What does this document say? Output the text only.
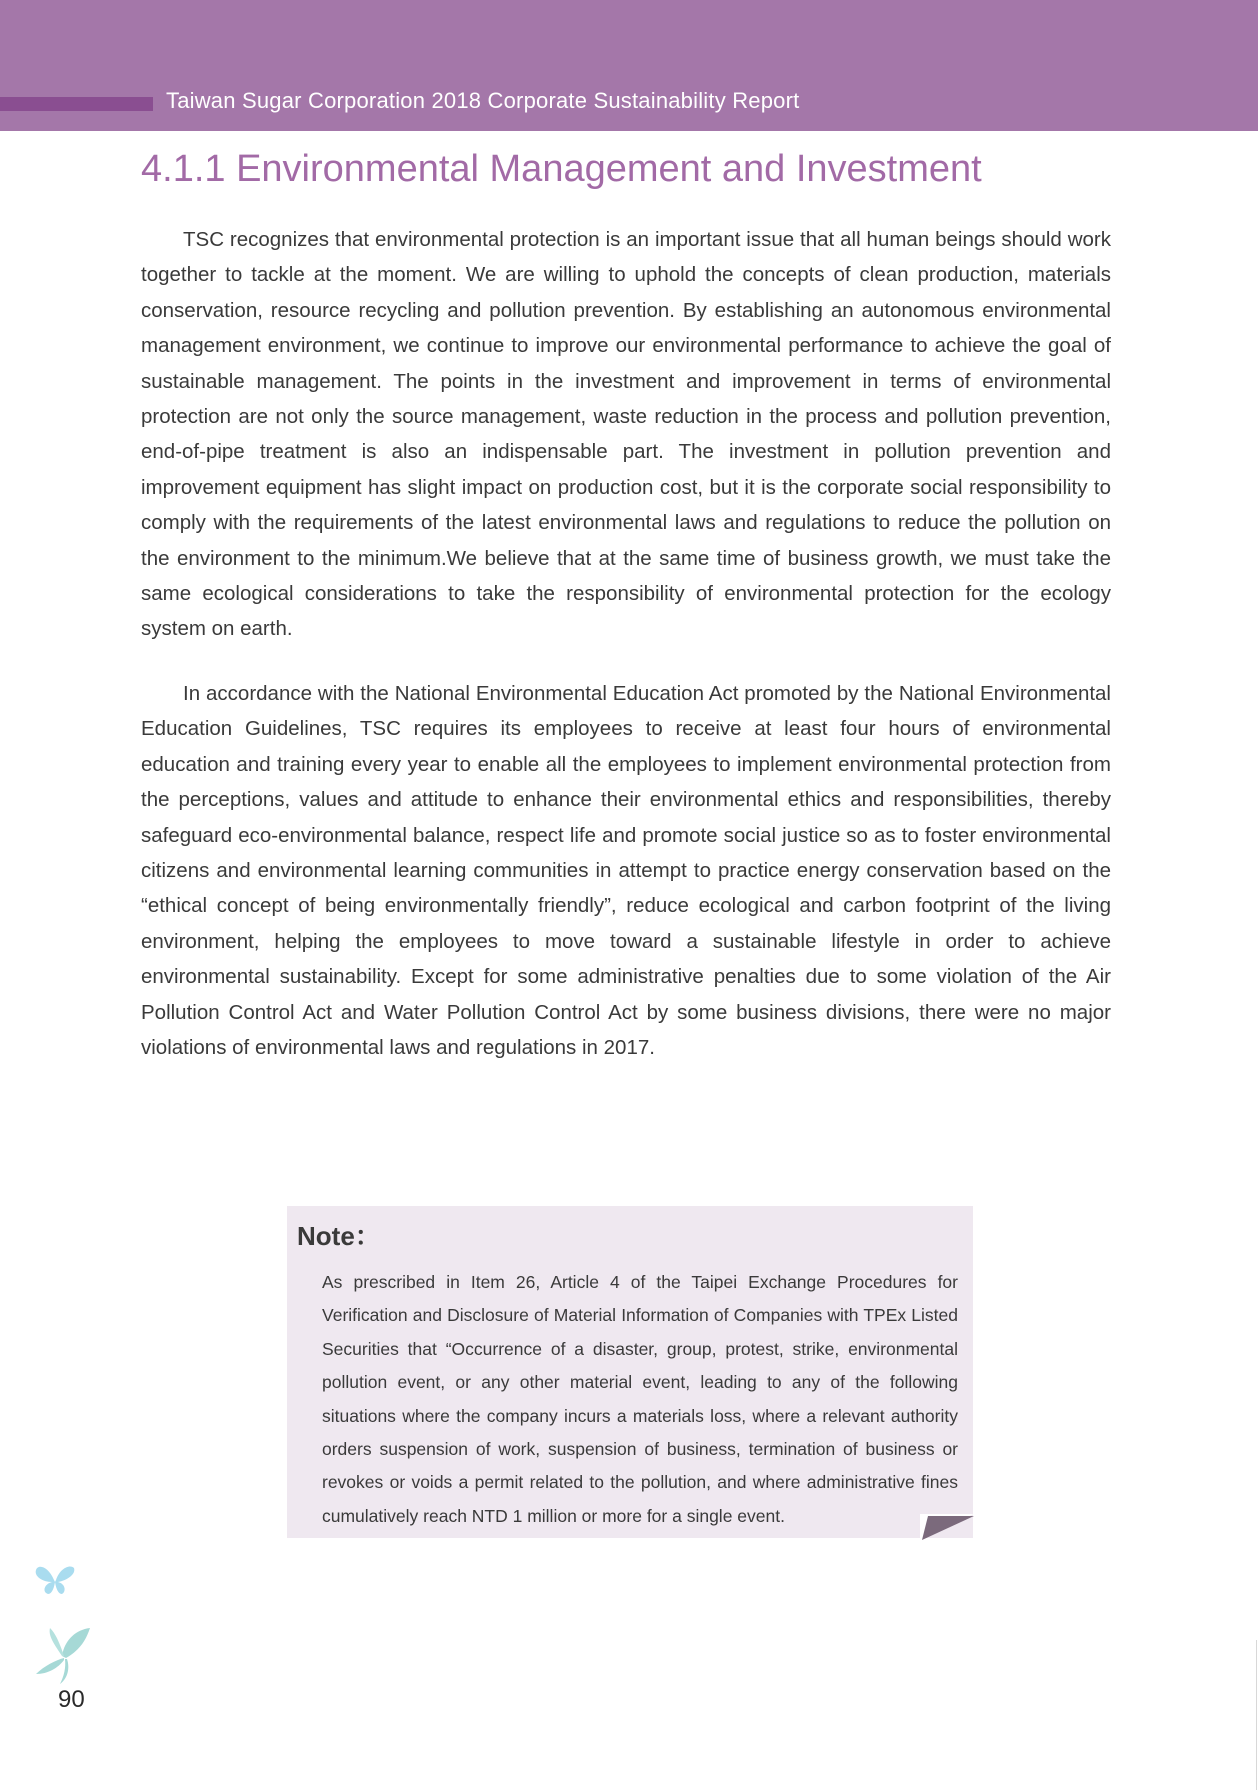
Taiwan Sugar Corporation 2018 Corporate Sustainability Report
4.1.1 Environmental Management and Investment

TSC recognizes that environmental protection is an important issue that all human beings should work together to tackle at the moment. We are willing to uphold the concepts of clean production, materials conservation, resource recycling and pollution prevention. By establishing an autonomous environmental management environment, we continue to improve our environmental performance to achieve the goal of sustainable management. The points in the investment and improvement in terms of environmental protection are not only the source management, waste reduction in the process and pollution prevention, end-of-pipe treatment is also an indispensable part. The investment in pollution prevention and improvement equipment has slight impact on production cost, but it is the corporate social responsibility to comply with the requirements of the latest environmental laws and regulations to reduce the pollution on the environment to the minimum.We believe that at the same time of business growth, we must take the same ecological considerations to take the responsibility of environmental protection for the ecology system on earth.

In accordance with the National Environmental Education Act promoted by the National Environmental Education Guidelines, TSC requires its employees to receive at least four hours of environmental education and training every year to enable all the employees to implement environmental protection from the perceptions, values and attitude to enhance their environmental ethics and responsibilities, thereby safeguard eco-environmental balance, respect life and promote social justice so as to foster environmental citizens and environmental learning communities in attempt to practice energy conservation based on the “ethical concept of being environmentally friendly”, reduce ecological and carbon footprint of the living environment, helping the employees to move toward a sustainable lifestyle in order to achieve environmental sustainability. Except for some administrative penalties due to some violation of the Air Pollution Control Act and Water Pollution Control Act by some business divisions, there were no major violations of environmental laws and regulations in 2017.

Note：

As prescribed in Item 26, Article 4 of the Taipei Exchange Procedures for Verification and Disclosure of Material Information of Companies with TPEx Listed Securities that “Occurrence of a disaster, group, protest, strike, environmental pollution event, or any other material event, leading to any of the following situations where the company incurs a materials loss, where a relevant authority orders suspension of work, suspension of business, termination of business or revokes or voids a permit related to the pollution, and where administrative fines cumulatively reach NTD 1 million or more for a single event.

90
